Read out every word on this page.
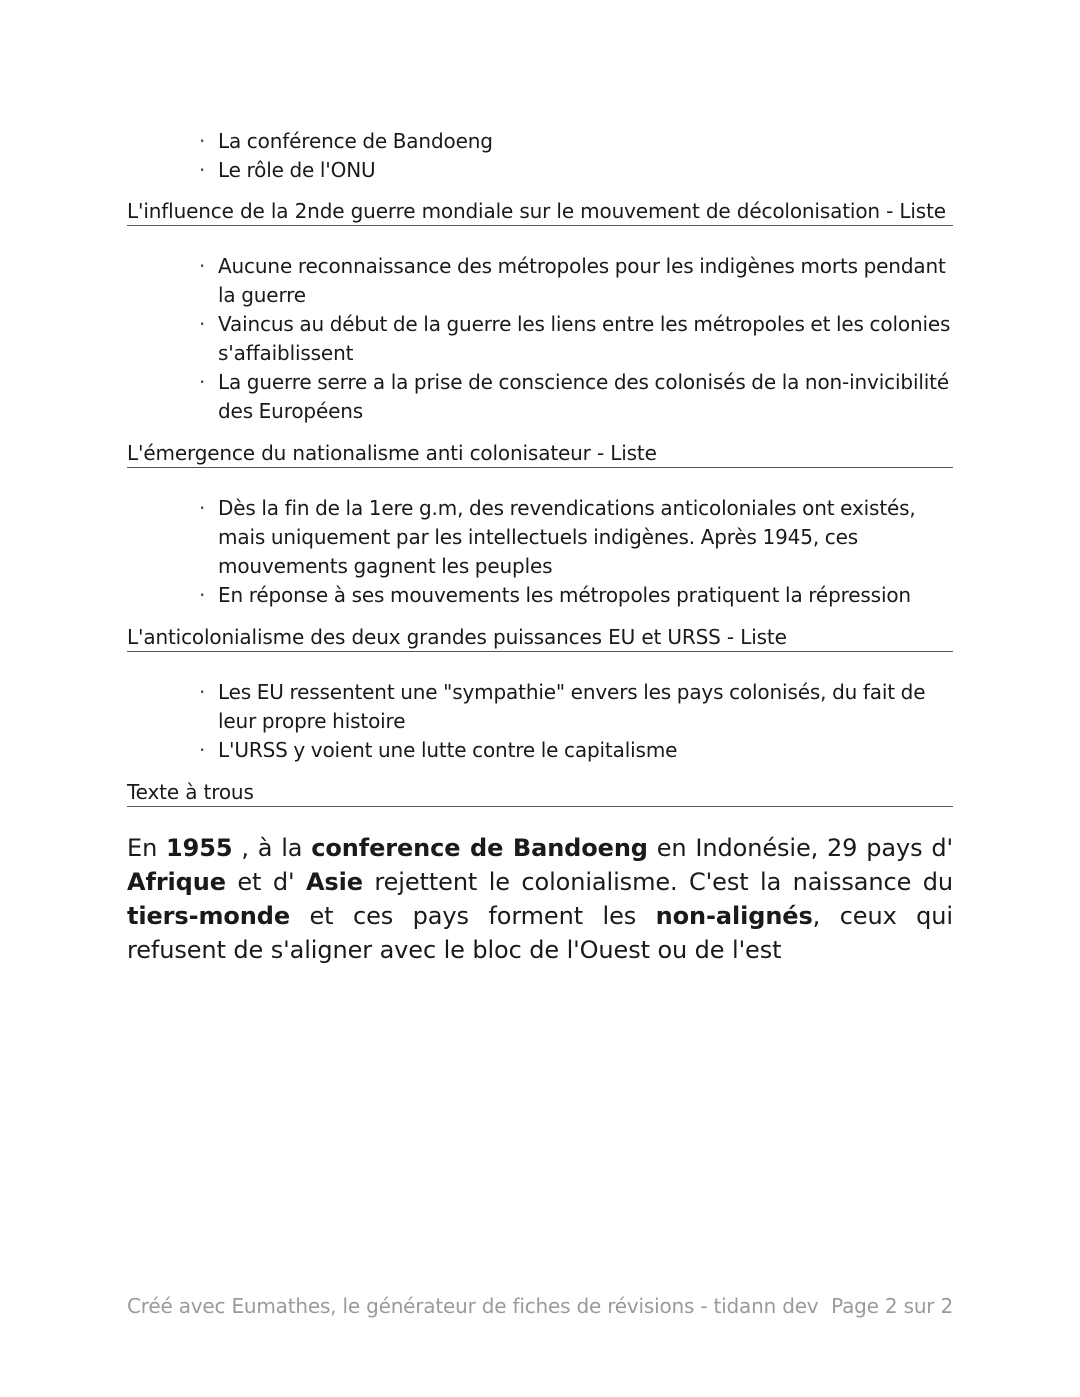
· La conférence de Bandoeng
· Le rôle de l'ONU
L'influence de la 2nde guerre mondiale sur le mouvement de décolonisation - Liste
· Aucune reconnaissance des métropoles pour les indigènes morts pendant la guerre
· Vaincus au début de la guerre les liens entre les métropoles et les colonies s'affaiblissent
· La guerre serre a la prise de conscience des colonisés de la non-invicibilité des Européens
L'émergence du nationalisme anti colonisateur - Liste
· Dès la fin de la 1ere g.m, des revendications anticoloniales ont existés, mais uniquement par les intellectuels indigènes. Après 1945, ces mouvements gagnent les peuples
· En réponse à ses mouvements les métropoles pratiquent la répression
L'anticolonialisme des deux grandes puissances EU et URSS - Liste
· Les EU ressentent une "sympathie" envers les pays colonisés, du fait de leur propre histoire
· L'URSS y voient une lutte contre le capitalisme
Texte à trous
En 1955 , à la conference de Bandoeng en Indonésie, 29 pays d' Afrique et d' Asie rejettent le colonialisme. C'est la naissance du tiers-monde et ces pays forment les non-alignés, ceux qui refusent de s'aligner avec le bloc de l'Ouest ou de l'est
Créé avec Eumathes, le générateur de fiches de révisions - tidann dev Page 2 sur 2
